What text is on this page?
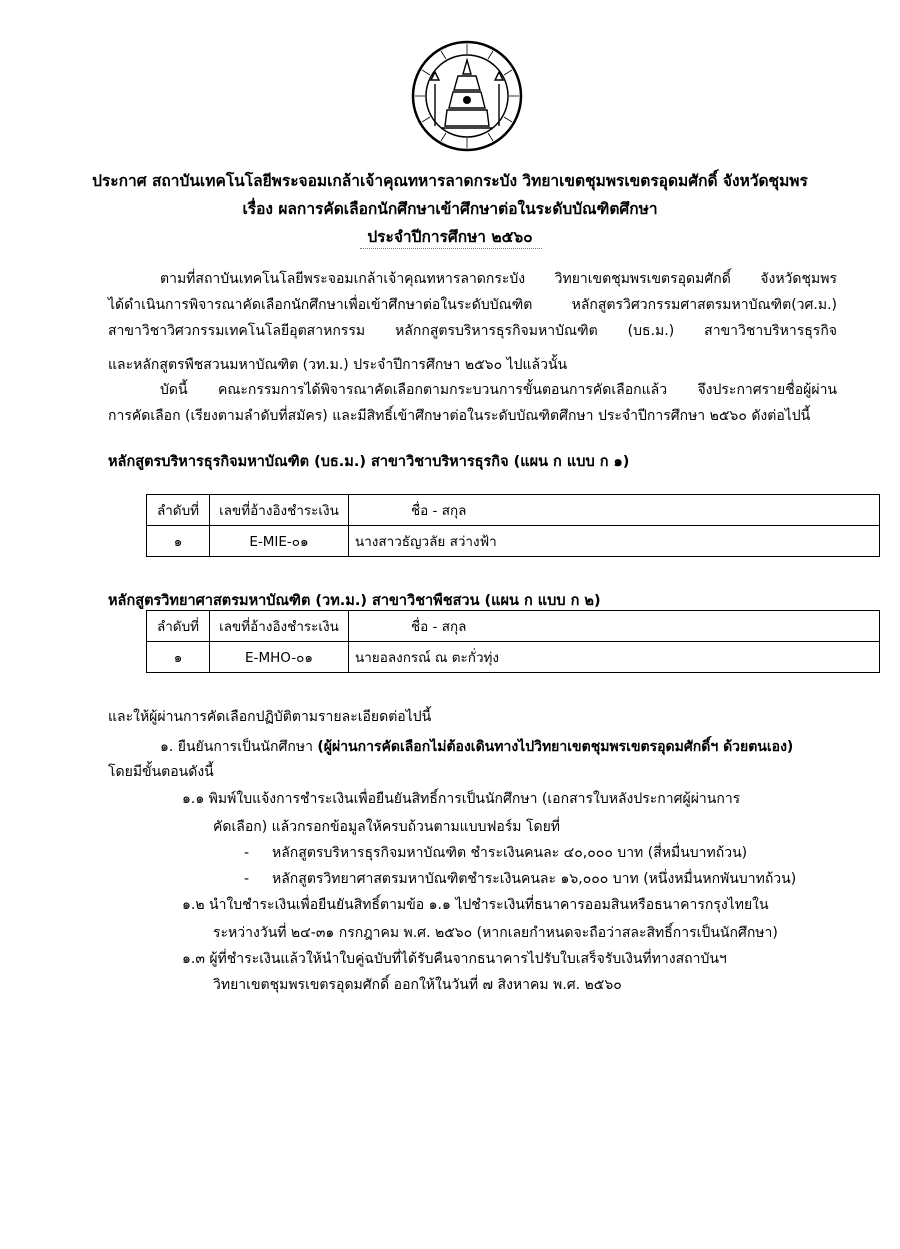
ประกาศ สถาบันเทคโนโลยีพระจอมเกล้าเจ้าคุณทหารลาดกระบัง วิทยาเขตชุมพรเขตรอุดมศักดิ์ จังหวัดชุมพร
เรื่อง ผลการคัดเลือกนักศึกษาเข้าศึกษาต่อในระดับบัณฑิตศึกษา
ประจำปีการศึกษา ๒๕๖๐
ตามที่สถาบันเทคโนโลยีพระจอมเกล้าเจ้าคุณทหารลาดกระบัง วิทยาเขตชุมพรเขตรอุดมศักดิ์ จังหวัดชุมพร
ได้ดำเนินการพิจารณาคัดเลือกนักศึกษาเพื่อเข้าศึกษาต่อในระดับบัณฑิต หลักสูตรวิศวกรรมศาสตรมหาบัณฑิต(วศ.ม.)
สาขาวิชาวิศวกรรมเทคโนโลยีอุตสาหกรรม หลักกสูตรบริหารธุรกิจมหาบัณฑิต (บธ.ม.) สาขาวิชาบริหารธุรกิจ
และหลักสูตรพืชสวนมหาบัณฑิต (วท.ม.) ประจำปีการศึกษา ๒๕๖๐ ไปแล้วนั้น
บัดนี้ คณะกรรมการได้พิจารณาคัดเลือกตามกระบวนการขั้นตอนการคัดเลือกแล้ว จึงประกาศรายชื่อผู้ผ่าน
การคัดเลือก (เรียงตามลำดับที่สมัคร) และมีสิทธิ์เข้าศึกษาต่อในระดับบัณฑิตศึกษา ประจำปีการศึกษา ๒๕๖๐ ดังต่อไปนี้
หลักสูตรบริหารธุรกิจมหาบัณฑิต (บธ.ม.) สาขาวิชาบริหารธุรกิจ (แผน ก แบบ ก ๑)
ลำดับที่	เลขที่อ้างอิงชำระเงิน	ชื่อ - สกุล
๑	E-MIE-๐๑	นางสาวธัญวลัย สว่างฟ้า
หลักสูตรวิทยาศาสตรมหาบัณฑิต (วท.ม.) สาขาวิชาพืชสวน (แผน ก แบบ ก ๒)
ลำดับที่	เลขที่อ้างอิงชำระเงิน	ชื่อ - สกุล
๑	E-MHO-๐๑	นายอลงกรณ์ ณ ตะกั่วทุ่ง
และให้ผู้ผ่านการคัดเลือกปฏิบัติตามรายละเอียดต่อไปนี้
๑. ยืนยันการเป็นนักศึกษา (ผู้ผ่านการคัดเลือกไม่ต้องเดินทางไปวิทยาเขตชุมพรเขตรอุดมศักดิ์ฯ ด้วยตนเอง)
โดยมีขั้นตอนดังนี้
๑.๑ พิมพ์ใบแจ้งการชำระเงินเพื่อยืนยันสิทธิ์การเป็นนักศึกษา (เอกสารใบหลังประกาศผู้ผ่านการ
คัดเลือก) แล้วกรอกข้อมูลให้ครบถ้วนตามแบบฟอร์ม โดยที่
- หลักสูตรบริหารธุรกิจมหาบัณฑิต ชำระเงินคนละ ๔๐,๐๐๐ บาท (สี่หมื่นบาทถ้วน)
- หลักสูตรวิทยาศาสตรมหาบัณฑิตชำระเงินคนละ ๑๖,๐๐๐ บาท (หนึ่งหมื่นหกพันบาทถ้วน)
๑.๒ นำใบชำระเงินเพื่อยืนยันสิทธิ์ตามข้อ ๑.๑ ไปชำระเงินที่ธนาคารออมสินหรือธนาคารกรุงไทยใน
ระหว่างวันที่ ๒๔-๓๑ กรกฎาคม พ.ศ. ๒๕๖๐ (หากเลยกำหนดจะถือว่าสละสิทธิ์การเป็นนักศึกษา)
๑.๓ ผู้ที่ชำระเงินแล้วให้นำใบคู่ฉบับที่ได้รับคืนจากธนาคารไปรับใบเสร็จรับเงินที่ทางสถาบันฯ
วิทยาเขตชุมพรเขตรอุดมศักดิ์ ออกให้ในวันที่ ๗ สิงหาคม พ.ศ. ๒๕๖๐
